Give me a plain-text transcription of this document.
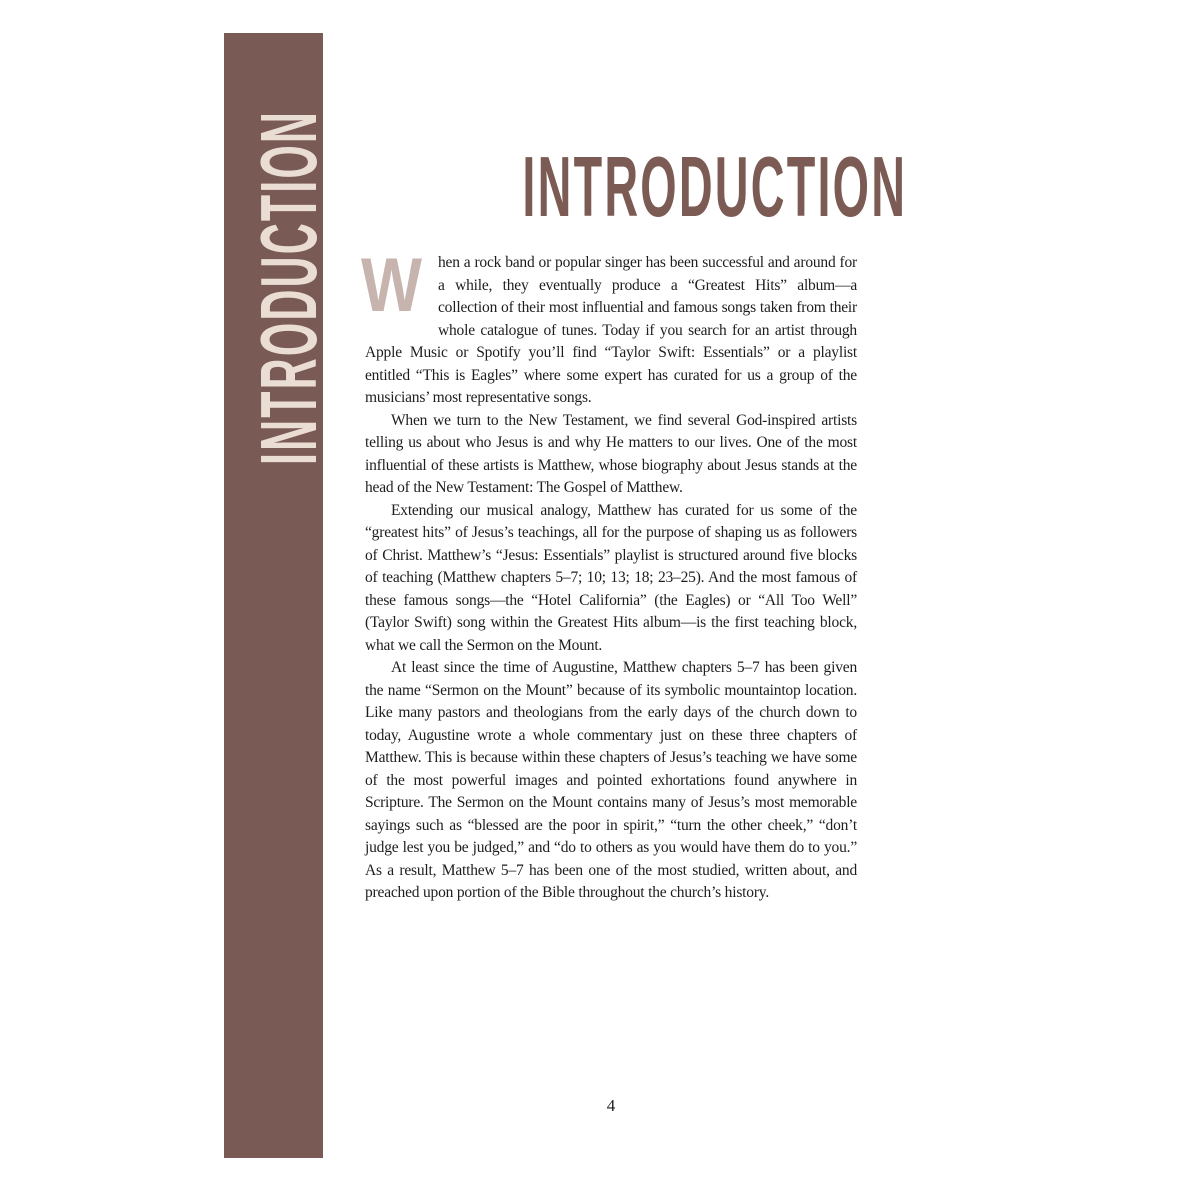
INTRODUCTION	INTRODUCTION

W hen a rock band or popular singer has been successful and around for a while, they eventually produce a “Greatest Hits” album—a collection of their most influential and famous songs taken from their whole catalogue of tunes. Today if you search for an artist through Apple Music or Spotify you’ll find “Taylor Swift: Essentials” or a playlist entitled “This is Eagles” where some expert has curated for us a group of the musicians’ most representative songs.

When we turn to the New Testament, we find several God-inspired artists telling us about who Jesus is and why He matters to our lives. One of the most influential of these artists is Matthew, whose biography about Jesus stands at the head of the New Testament: The Gospel of Matthew.

Extending our musical analogy, Matthew has curated for us some of the “greatest hits” of Jesus’s teachings, all for the purpose of shaping us as followers of Christ. Matthew’s “Jesus: Essentials” playlist is structured around five blocks of teaching (Matthew chapters 5–7; 10; 13; 18; 23–25). And the most famous of these famous songs—the “Hotel California” (the Eagles) or “All Too Well” (Taylor Swift) song within the Greatest Hits album—is the first teaching block, what we call the Sermon on the Mount.

At least since the time of Augustine, Matthew chapters 5–7 has been given the name “Sermon on the Mount” because of its symbolic mountaintop location. Like many pastors and theologians from the early days of the church down to today, Augustine wrote a whole commentary just on these three chapters of Matthew. This is because within these chapters of Jesus’s teaching we have some of the most powerful images and pointed exhortations found anywhere in Scripture. The Sermon on the Mount contains many of Jesus’s most memorable sayings such as “blessed are the poor in spirit,” “turn the other cheek,” “don’t judge lest you be judged,” and “do to others as you would have them do to you.” As a result, Matthew 5–7 has been one of the most studied, written about, and preached upon portion of the Bible throughout the church’s history.

4
